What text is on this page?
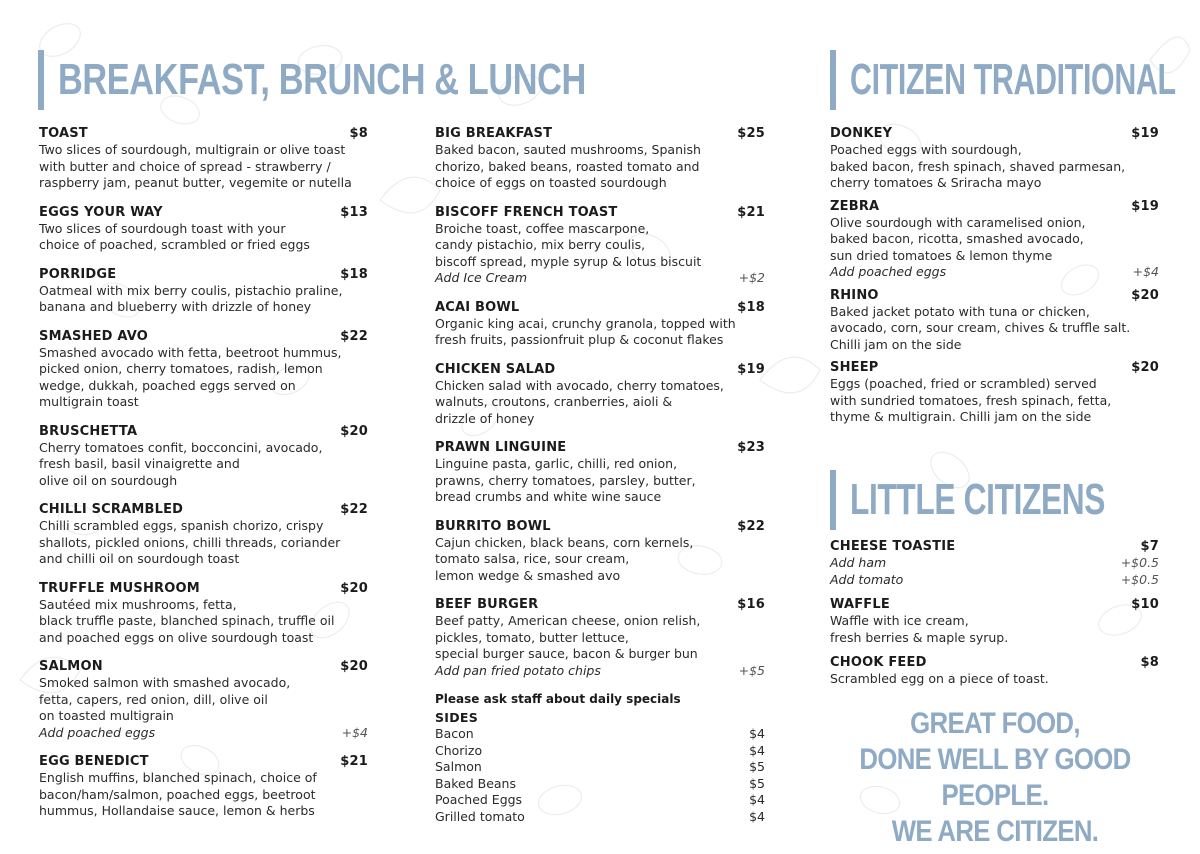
BREAKFAST, BRUNCH & LUNCH	CITIZEN TRADITIONAL
LITTLE CITIZENS
TOAST	$8
Two slices of sourdough, multigrain or olive toast
with butter and choice of spread - strawberry /
raspberry jam, peanut butter, vegemite or nutella
EGGS YOUR WAY	$13
Two slices of sourdough toast with your
choice of poached, scrambled or fried eggs
PORRIDGE	$18
Oatmeal with mix berry coulis, pistachio praline,
banana and blueberry with drizzle of honey
SMASHED AVO	$22
Smashed avocado with fetta, beetroot hummus,
picked onion, cherry tomatoes, radish, lemon
wedge, dukkah, poached eggs served on
multigrain toast
BRUSCHETTA	$20
Cherry tomatoes confit, bocconcini, avocado,
fresh basil, basil vinaigrette and
olive oil on sourdough
CHILLI SCRAMBLED	$22
Chilli scrambled eggs, spanish chorizo, crispy
shallots, pickled onions, chilli threads, coriander
and chilli oil on sourdough toast
TRUFFLE MUSHROOM	$20
Sautéed mix mushrooms, fetta,
black truffle paste, blanched spinach, truffle oil
and poached eggs on olive sourdough toast
SALMON	$20
Smoked salmon with smashed avocado,
fetta, capers, red onion, dill, olive oil
on toasted multigrain
Add poached eggs	+$4
EGG BENEDICT	$21
English muffins, blanched spinach, choice of
bacon/ham/salmon, poached eggs, beetroot
hummus, Hollandaise sauce, lemon & herbs
BIG BREAKFAST	$25
Baked bacon, sauted mushrooms, Spanish
chorizo, baked beans, roasted tomato and
choice of eggs on toasted sourdough
BISCOFF FRENCH TOAST	$21
Broiche toast, coffee mascarpone,
candy pistachio, mix berry coulis,
biscoff spread, myple syrup & lotus biscuit
Add Ice Cream	+$2
ACAI BOWL	$18
Organic king acai, crunchy granola, topped with
fresh fruits, passionfruit plup & coconut flakes
CHICKEN SALAD	$19
Chicken salad with avocado, cherry tomatoes,
walnuts, croutons, cranberries, aioli &
drizzle of honey
PRAWN LINGUINE	$23
Linguine pasta, garlic, chilli, red onion,
prawns, cherry tomatoes, parsley, butter,
bread crumbs and white wine sauce
BURRITO BOWL	$22
Cajun chicken, black beans, corn kernels,
tomato salsa, rice, sour cream,
lemon wedge & smashed avo
BEEF BURGER	$16
Beef patty, American cheese, onion relish,
pickles, tomato, butter lettuce,
special burger sauce, bacon & burger bun
Add pan fried potato chips	+$5
Please ask staff about daily specials
SIDES
Bacon	$4
Chorizo	$4
Salmon	$5
Baked Beans	$5
Poached Eggs	$4
Grilled tomato	$4
DONKEY	$19
Poached eggs with sourdough,
baked bacon, fresh spinach, shaved parmesan,
cherry tomatoes & Sriracha mayo
ZEBRA	$19
Olive sourdough with caramelised onion,
baked bacon, ricotta, smashed avocado,
sun dried tomatoes & lemon thyme
Add poached eggs	+$4
RHINO	$20
Baked jacket potato with tuna or chicken,
avocado, corn, sour cream, chives & truffle salt.
Chilli jam on the side
SHEEP	$20
Eggs (poached, fried or scrambled) served
with sundried tomatoes, fresh spinach, fetta,
thyme & multigrain. Chilli jam on the side
CHEESE TOASTIE	$7
Add ham	+$0.5
Add tomato	+$0.5
WAFFLE	$10
Waffle with ice cream,
fresh berries & maple syrup.
CHOOK FEED	$8
Scrambled egg on a piece of toast.
GREAT FOOD,
DONE WELL BY GOOD PEOPLE.
WE ARE CITIZEN.
